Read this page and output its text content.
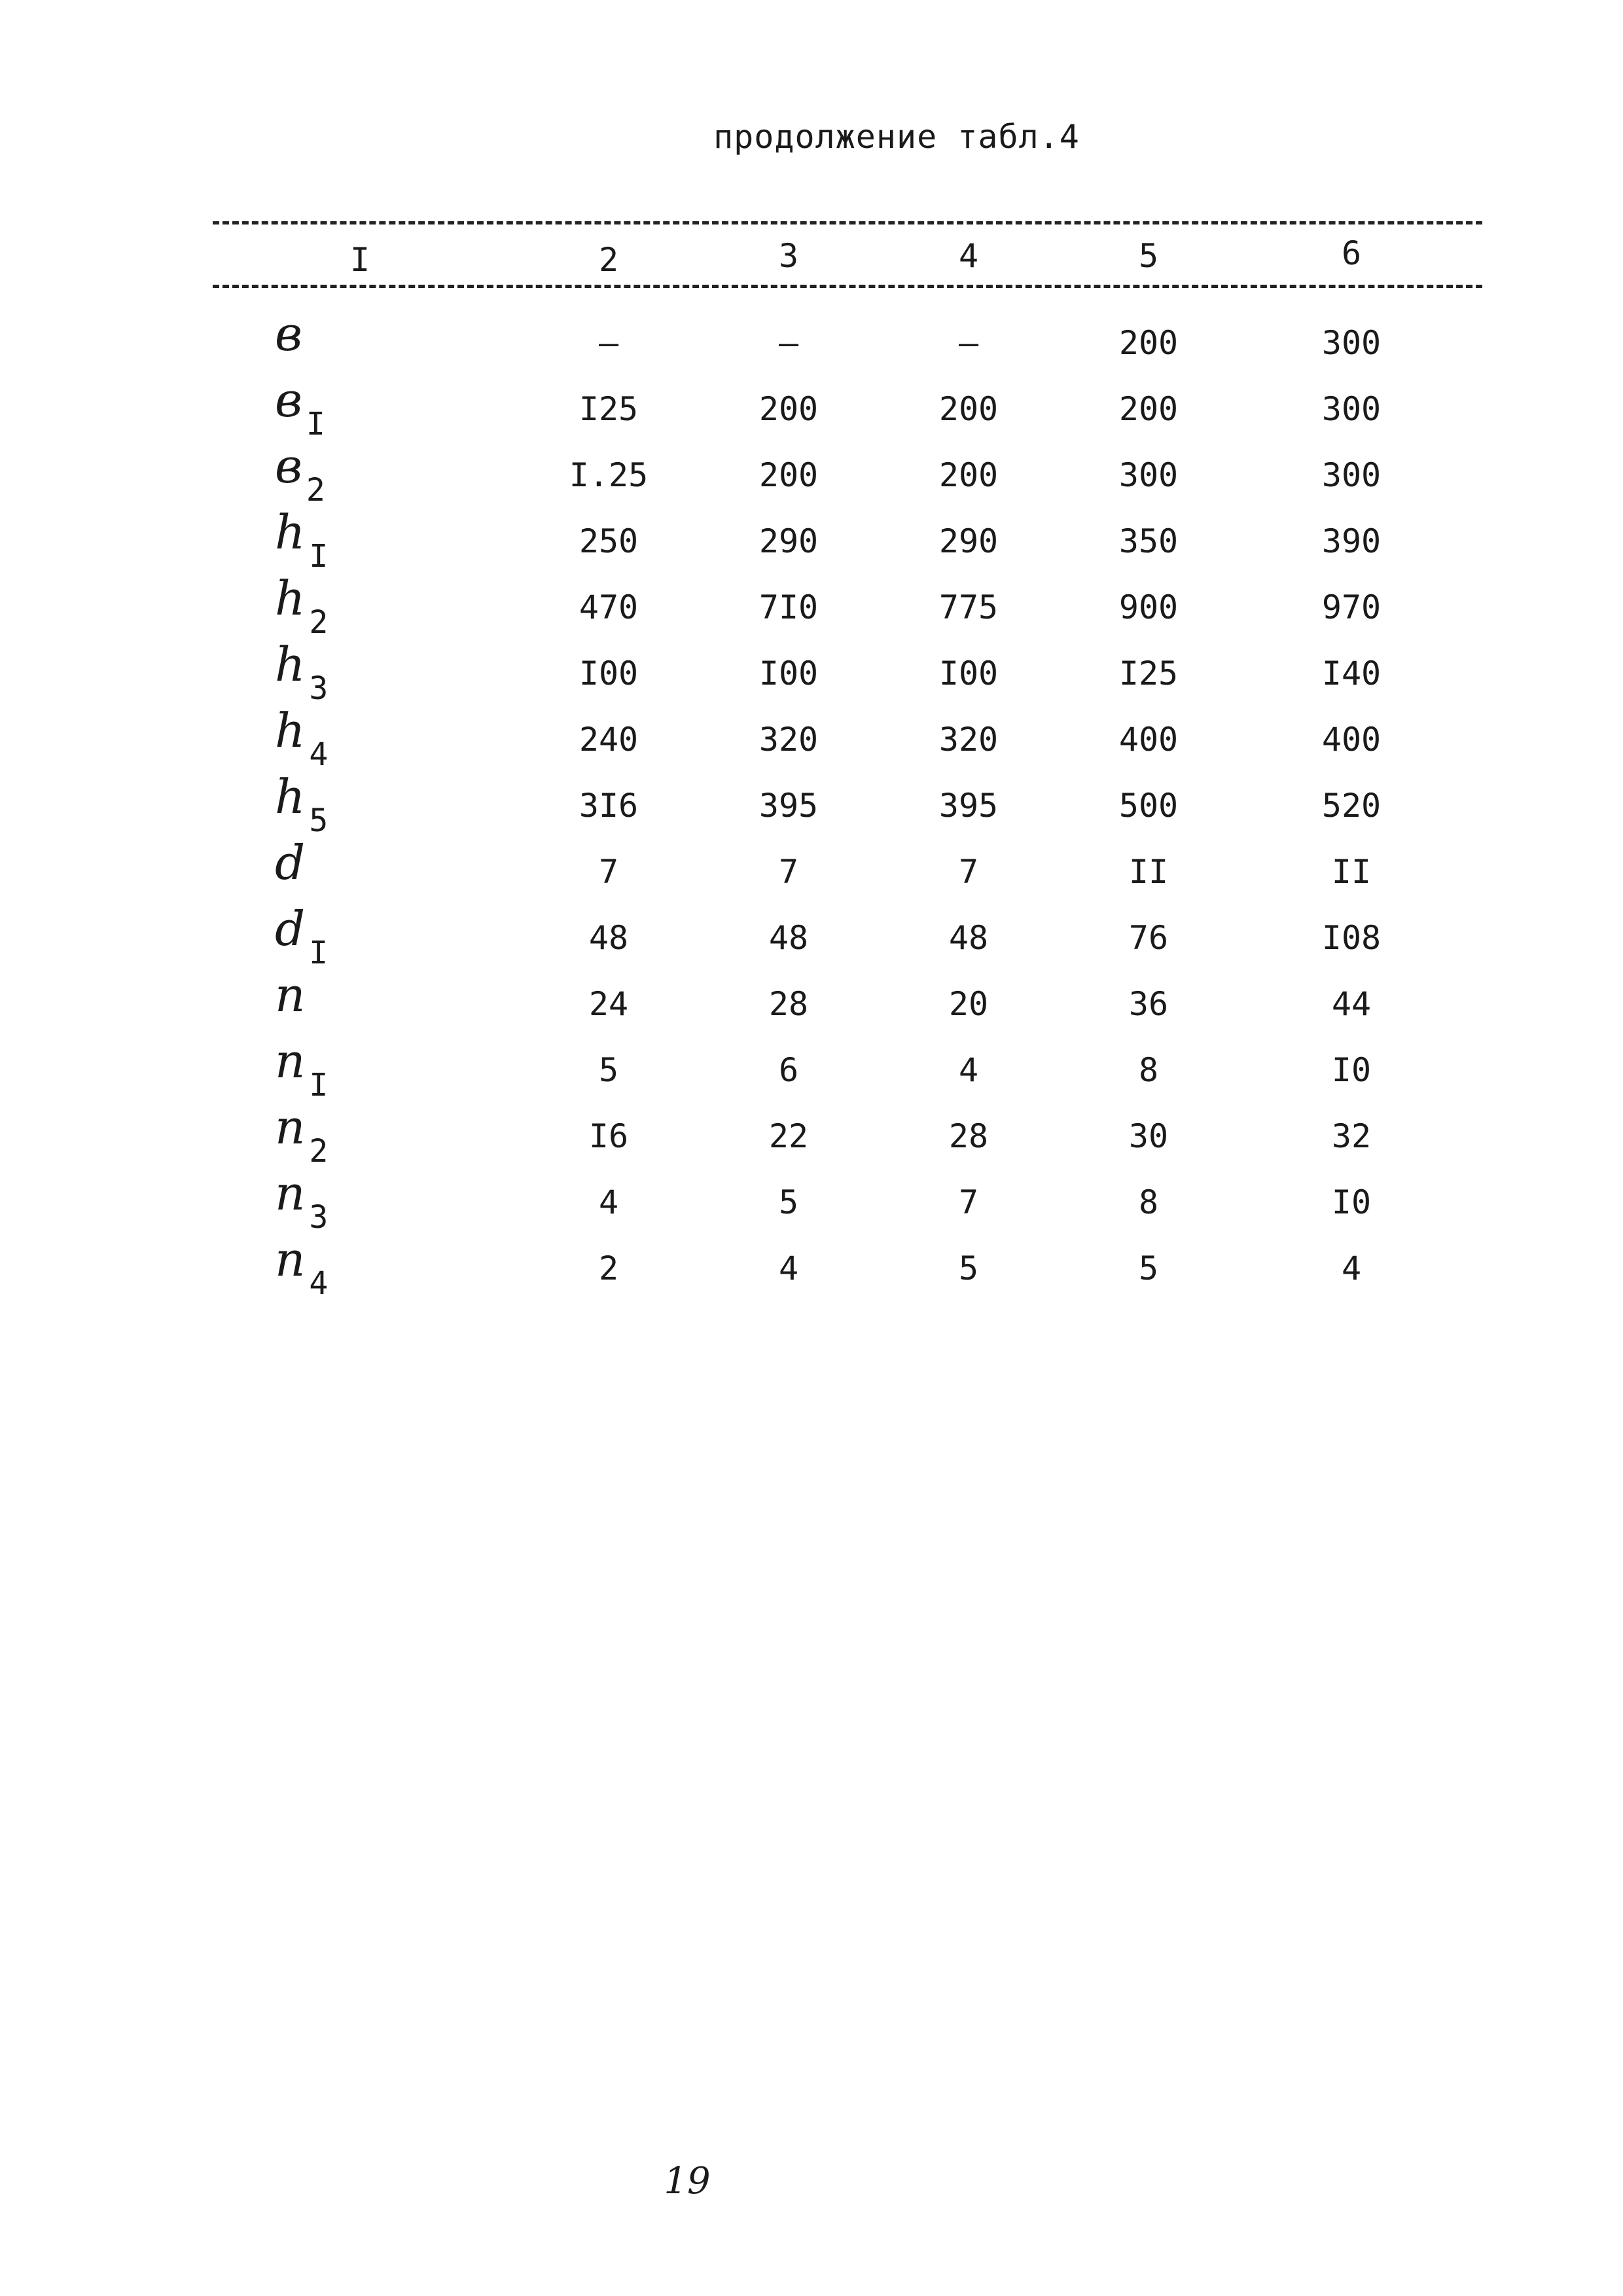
продолжение табл.4
I	2	3	4	5	6
в	–	–	–	200	300
в $_I$	I25	200	200	200	300
в $_2$	I.25	200	200	300	300
h $_I$	250	290	290	350	390
h $_2$	470	7I0	775	900	970
h $_3$	I00	I00	I00	I25	I40
h $_4$	240	320	320	400	400
h $_5$	3I6	395	395	500	520
d	7	7	7	II	II
d $_I$	48	48	48	76	I08
n	24	28	20	36	44
n $_I$	5	6	4	8	I0
n $_2$	I6	22	28	30	32
n $_3$	4	5	7	8	I0
n $_4$	2	4	5	5	4
19
